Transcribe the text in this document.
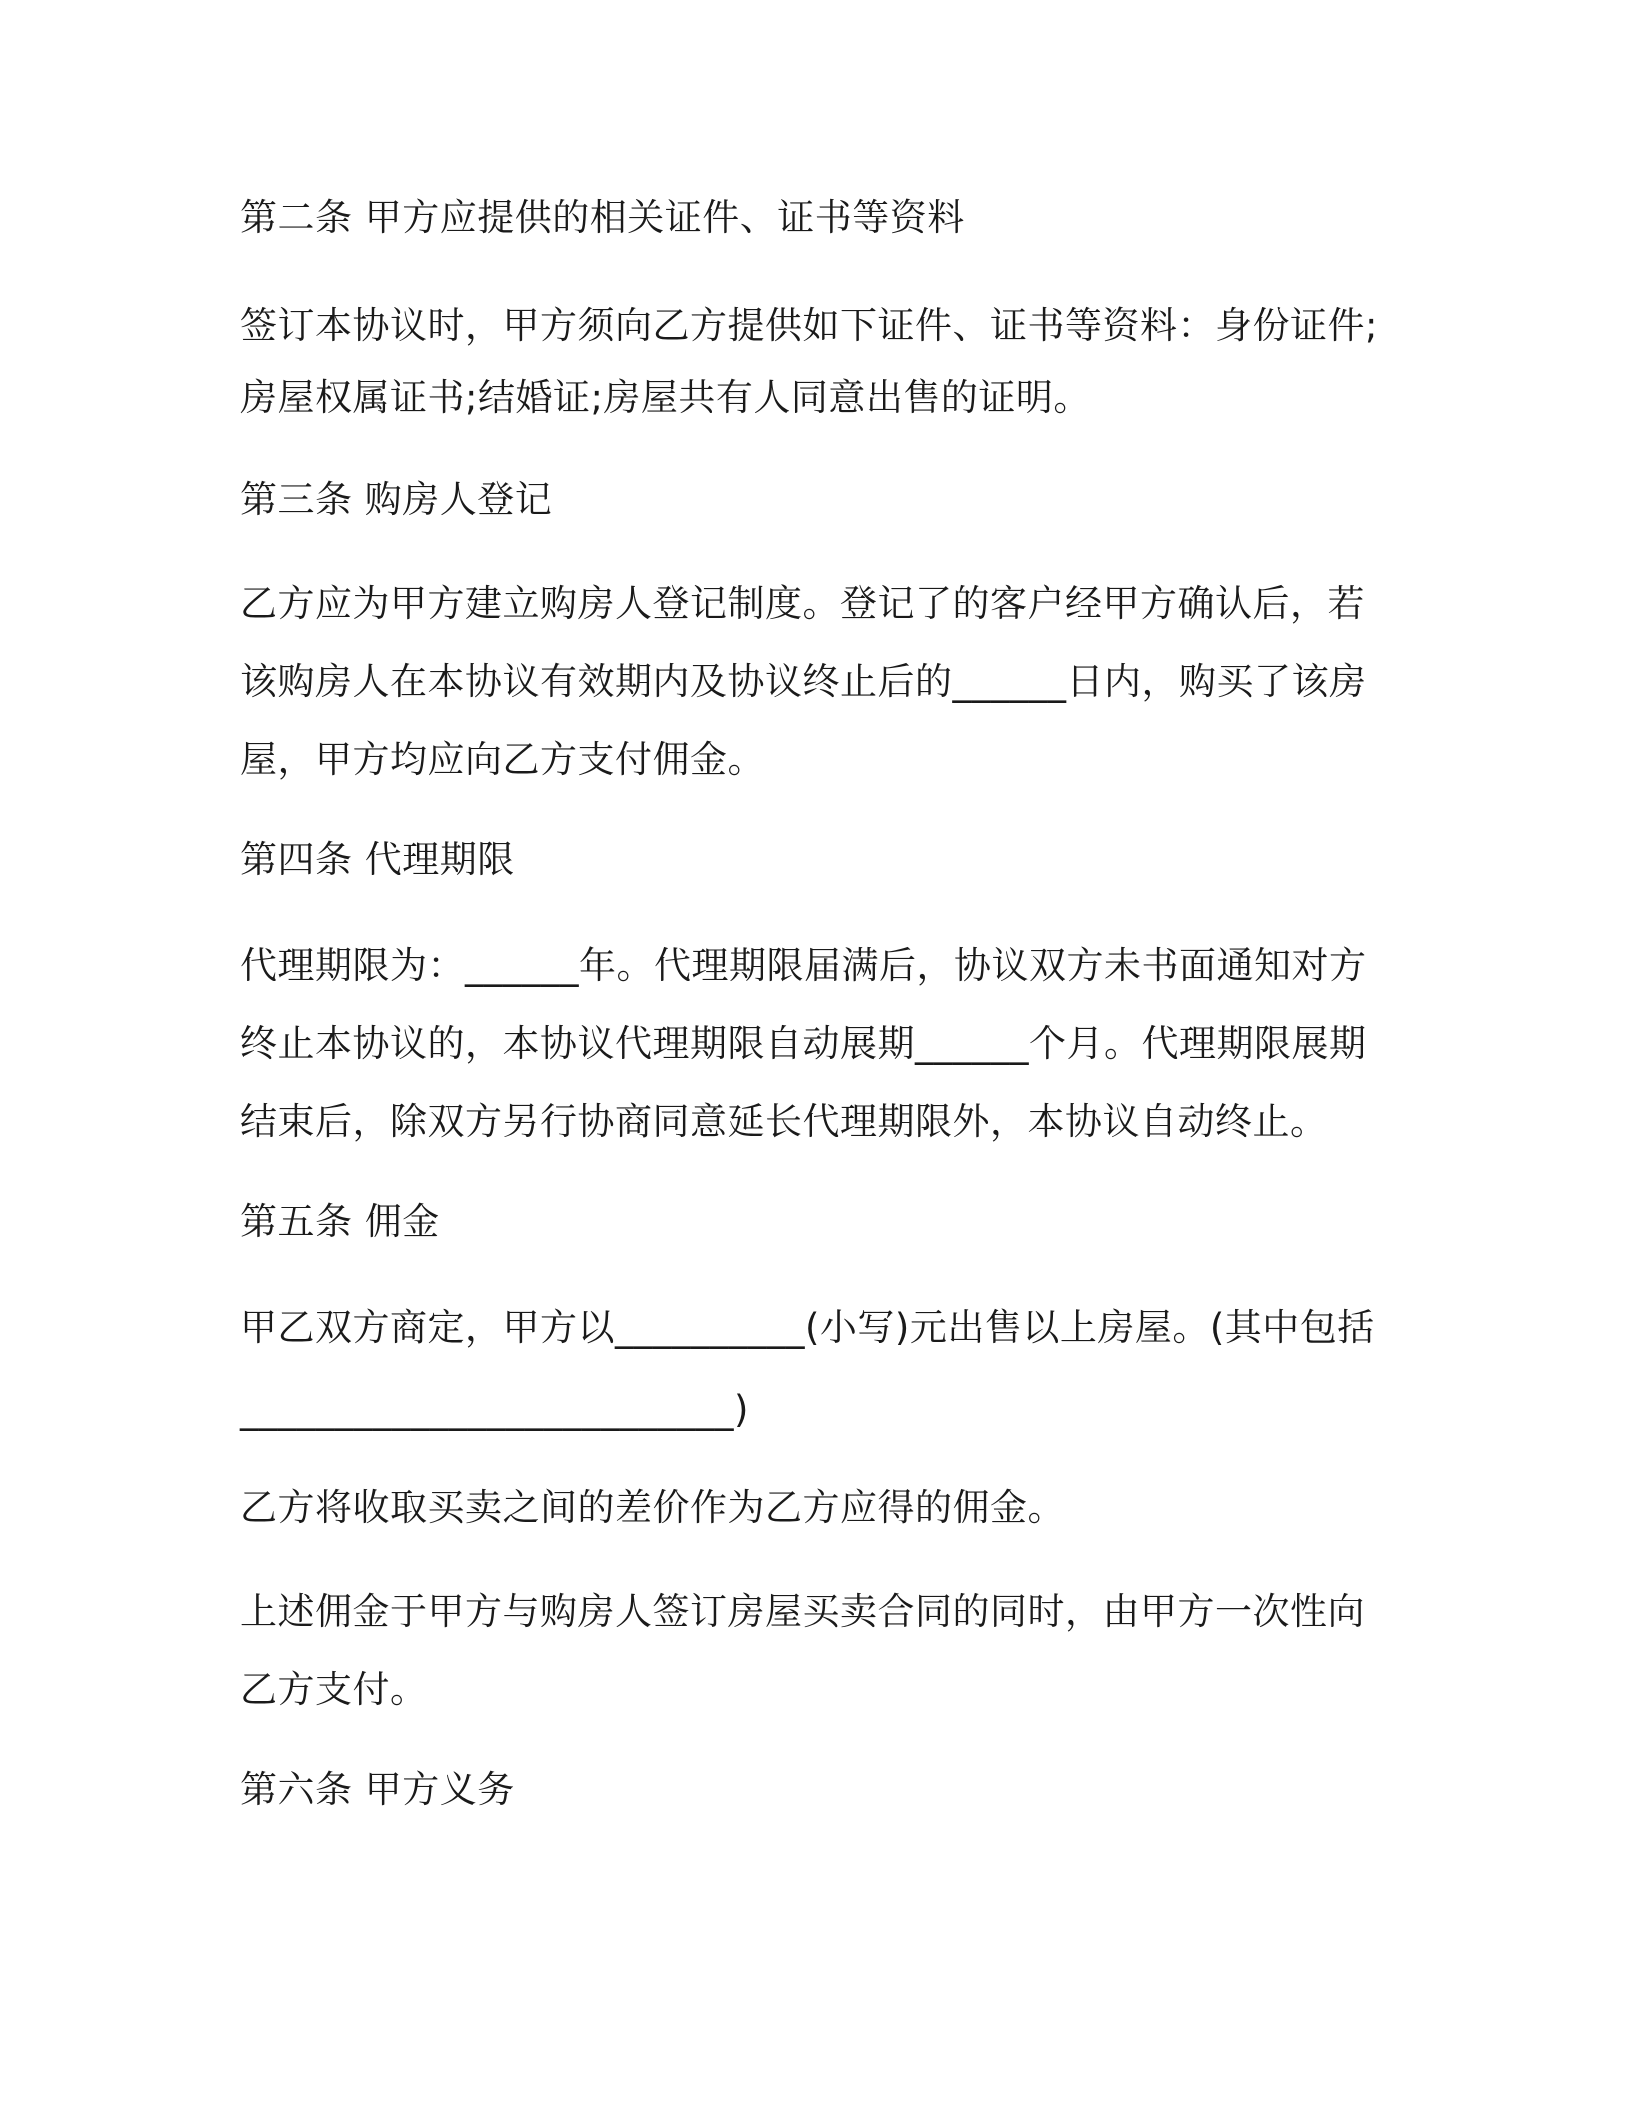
第二条 甲方应提供的相关证件、证书等资料
签订本协议时，甲方须向乙方提供如下证件、证书等资料：身份证件;
房屋权属证书;结婚证;房屋共有人同意出售的证明。
第三条 购房人登记
乙方应为甲方建立购房人登记制度。登记了的客户经甲方确认后，若
该购房人在本协议有效期内及协议终止后的______日内，购买了该房
屋，甲方均应向乙方支付佣金。
第四条 代理期限
代理期限为：______年。代理期限届满后，协议双方未书面通知对方
终止本协议的，本协议代理期限自动展期______个月。代理期限展期
结束后，除双方另行协商同意延长代理期限外，本协议自动终止。
第五条 佣金
甲乙双方商定，甲方以__________(小写)元出售以上房屋。(其中包括
__________________________)
乙方将收取买卖之间的差价作为乙方应得的佣金。
上述佣金于甲方与购房人签订房屋买卖合同的同时，由甲方一次性向
乙方支付。
第六条 甲方义务
